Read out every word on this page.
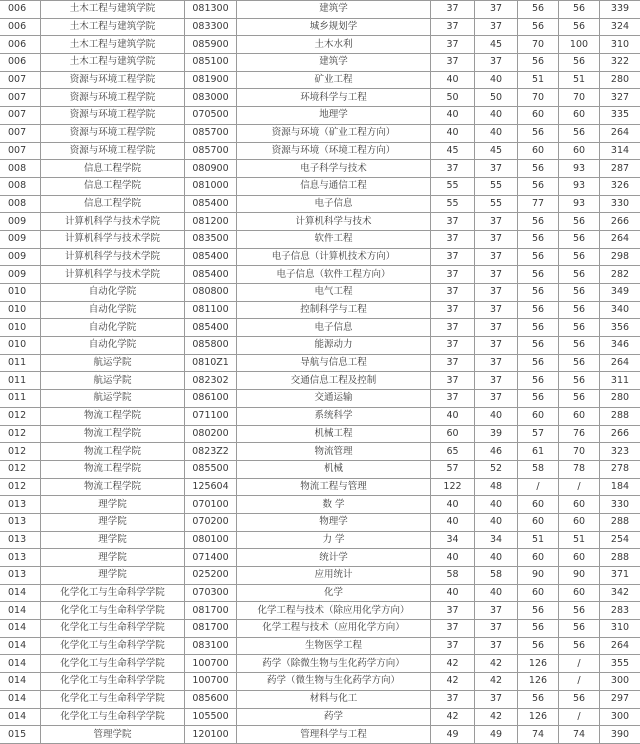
006	土木工程与建筑学院	081300	建筑学	37	37	56	56	339
006	土木工程与建筑学院	083300	城乡规划学	37	37	56	56	324
006	土木工程与建筑学院	085900	土木水利	37	45	70	100	310
006	土木工程与建筑学院	085100	建筑学	37	37	56	56	322
007	资源与环境工程学院	081900	矿业工程	40	40	51	51	280
007	资源与环境工程学院	083000	环境科学与工程	50	50	70	70	327
007	资源与环境工程学院	070500	地理学	40	40	60	60	335
007	资源与环境工程学院	085700	资源与环境（矿业工程方向）	40	40	56	56	264
007	资源与环境工程学院	085700	资源与环境（环境工程方向）	45	45	60	60	314
008	信息工程学院	080900	电子科学与技术	37	37	56	93	287
008	信息工程学院	081000	信息与通信工程	55	55	56	93	326
008	信息工程学院	085400	电子信息	55	55	77	93	330
009	计算机科学与技术学院	081200	计算机科学与技术	37	37	56	56	266
009	计算机科学与技术学院	083500	软件工程	37	37	56	56	264
009	计算机科学与技术学院	085400	电子信息（计算机技术方向）	37	37	56	56	298
009	计算机科学与技术学院	085400	电子信息（软件工程方向）	37	37	56	56	282
010	自动化学院	080800	电气工程	37	37	56	56	349
010	自动化学院	081100	控制科学与工程	37	37	56	56	340
010	自动化学院	085400	电子信息	37	37	56	56	356
010	自动化学院	085800	能源动力	37	37	56	56	346
011	航运学院	0810Z1	导航与信息工程	37	37	56	56	264
011	航运学院	082302	交通信息工程及控制	37	37	56	56	311
011	航运学院	086100	交通运输	37	37	56	56	280
012	物流工程学院	071100	系统科学	40	40	60	60	288
012	物流工程学院	080200	机械工程	60	39	57	76	266
012	物流工程学院	0823Z2	物流管理	65	46	61	70	323
012	物流工程学院	085500	机械	57	52	58	78	278
012	物流工程学院	125604	物流工程与管理	122	48	/	/	184
013	理学院	070100	数 学	40	40	60	60	330
013	理学院	070200	物理学	40	40	60	60	288
013	理学院	080100	力 学	34	34	51	51	254
013	理学院	071400	统计学	40	40	60	60	288
013	理学院	025200	应用统计	58	58	90	90	371
014	化学化工与生命科学学院	070300	化学	40	40	60	60	342
014	化学化工与生命科学学院	081700	化学工程与技术（除应用化学方向）	37	37	56	56	283
014	化学化工与生命科学学院	081700	化学工程与技术（应用化学方向）	37	37	56	56	310
014	化学化工与生命科学学院	083100	生物医学工程	37	37	56	56	264
014	化学化工与生命科学学院	100700	药学（除微生物与生化药学方向）	42	42	126	/	355
014	化学化工与生命科学学院	100700	药学（微生物与生化药学方向）	42	42	126	/	300
014	化学化工与生命科学学院	085600	材料与化工	37	37	56	56	297
014	化学化工与生命科学学院	105500	药学	42	42	126	/	300
015	管理学院	120100	管理科学与工程	49	49	74	74	390
